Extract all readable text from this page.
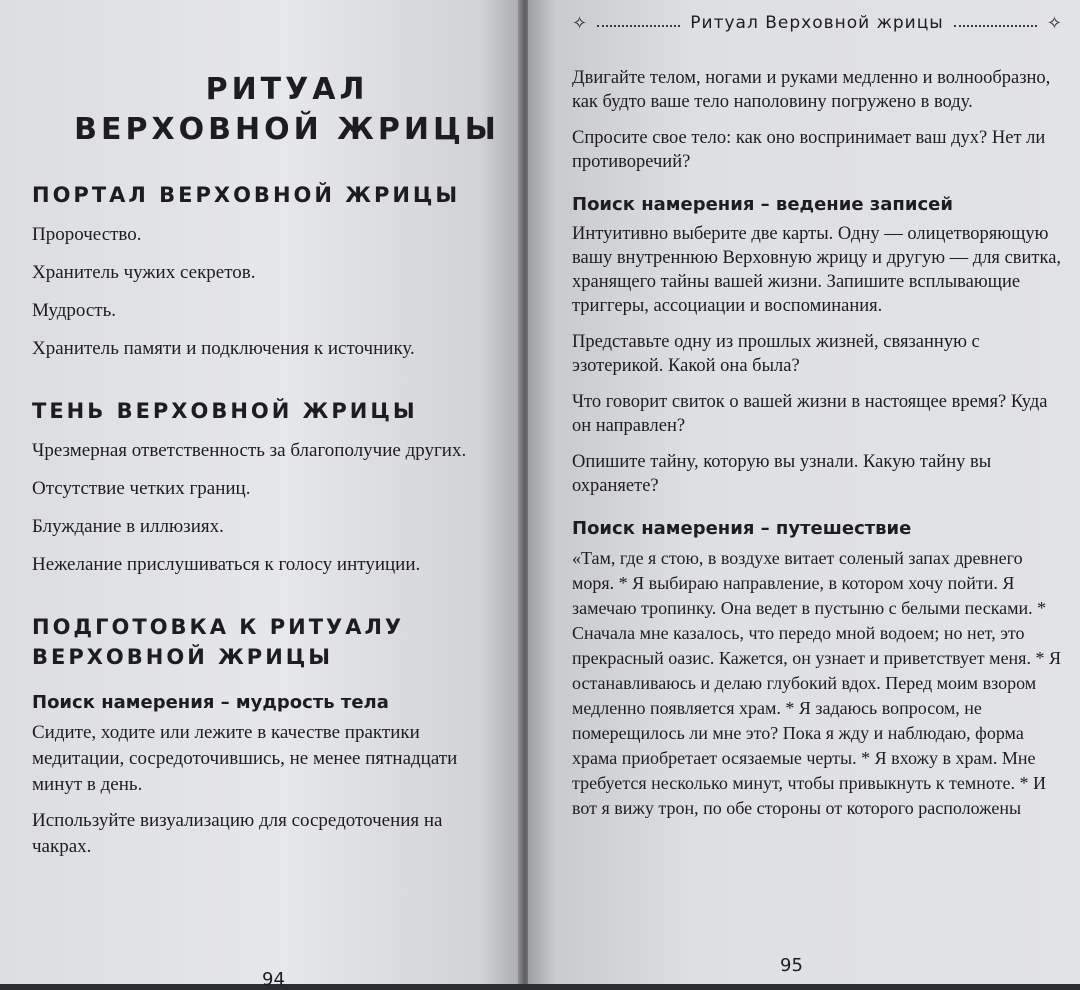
РИТУАЛ
ВЕРХОВНОЙ ЖРИЦЫ
ПОРТАЛ ВЕРХОВНОЙ ЖРИЦЫ

Пророчество.

Хранитель чужих секретов.

Мудрость.

Хранитель памяти и подключения к источнику.

ТЕНЬ ВЕРХОВНОЙ ЖРИЦЫ

Чрезмерная ответственность за благополучие других.

Отсутствие четких границ.

Блуждание в иллюзиях.

Нежелание прислушиваться к голосу интуиции.

ПОДГОТОВКА К РИТУАЛУ
ВЕРХОВНОЙ ЖРИЦЫ
Поиск намерения – мудрость тела

Сидите, ходите или лежите в качестве практики медитации, сосредоточившись, не менее пятнадцати минут в день.

Используйте визуализацию для сосредоточения на чакрах.

94
✧	Ритуал Верховной жрицы	✧

Двигайте телом, ногами и руками медленно и волнообразно, как будто ваше тело наполовину погружено в воду.

Спросите свое тело: как оно воспринимает ваш дух? Нет ли противоречий?

Поиск намерения – ведение записей

Интуитивно выберите две карты. Одну — олицетворяющую вашу внутреннюю Верховную жрицу и другую — для свитка, хранящего тайны вашей жизни. Запишите всплывающие триггеры, ассоциации и воспоминания.

Представьте одну из прошлых жизней, связанную с эзотерикой. Какой она была?

Что говорит свиток о вашей жизни в настоящее время? Куда он направлен?

Опишите тайну, которую вы узнали. Какую тайну вы охраняете?

Поиск намерения – путешествие

«Там, где я стою, в воздухе витает соленый запах древнего моря. * Я выбираю направление, в котором хочу пойти. Я замечаю тропинку. Она ведет в пустыню с белыми песками. * Сначала мне казалось, что передо мной водоем; но нет, это прекрасный оазис. Кажется, он узнает и приветствует меня. * Я останавливаюсь и делаю глубокий вдох. Перед моим взором медленно появляется храм. * Я задаюсь вопросом, не померещилось ли мне это? Пока я жду и наблюдаю, форма храма приобретает осязаемые черты. * Я вхожу в храм. Мне требуется несколько минут, чтобы привыкнуть к темноте. * И вот я вижу трон, по обе стороны от которого расположены

95
